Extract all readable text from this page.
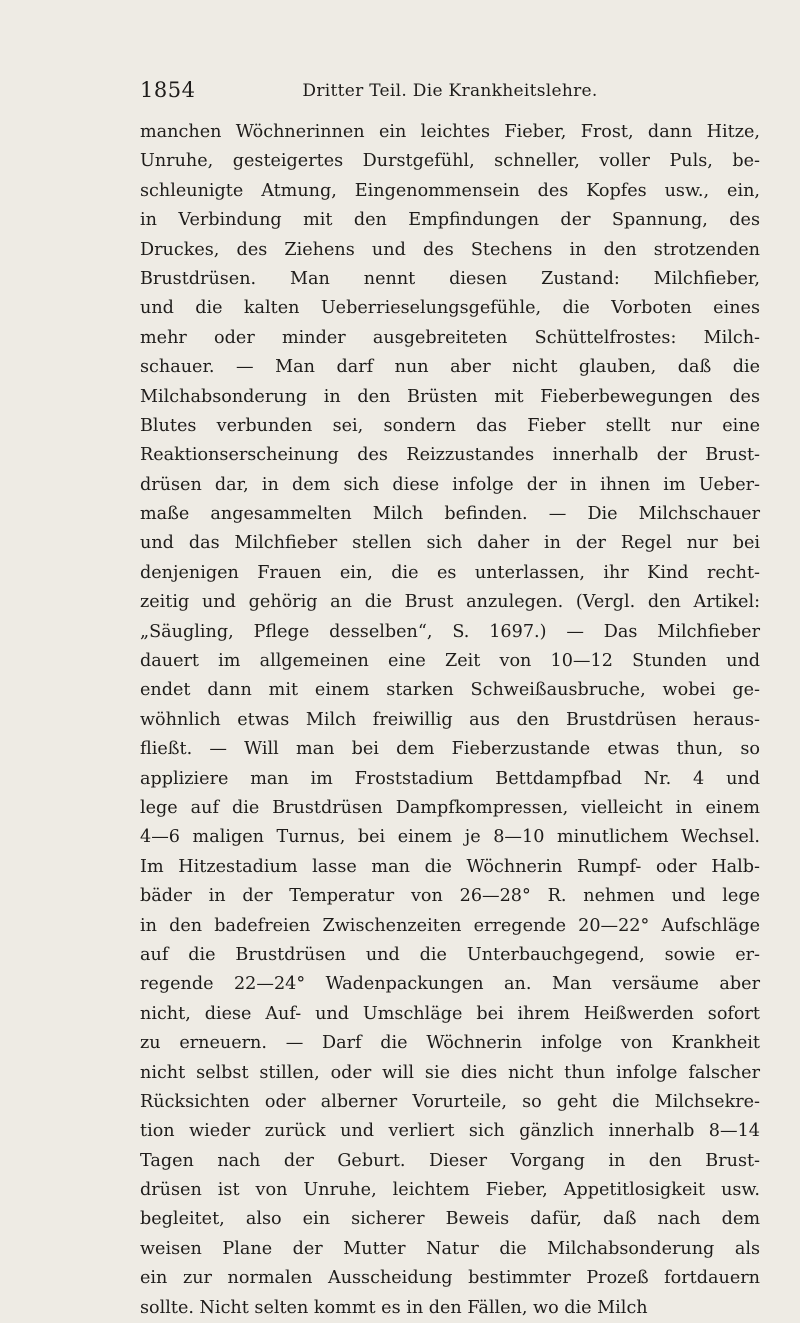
1854	Dritter Teil. Die Krankheitslehre.
manchen Wöchnerinnen ein leichtes Fieber, Frost, dann Hitze,
Unruhe, gesteigertes Durstgefühl, schneller, voller Puls, be-
schleunigte Atmung, Eingenommensein des Kopfes usw., ein,
in Verbindung mit den Empfindungen der Spannung, des
Druckes, des Ziehens und des Stechens in den strotzenden
Brustdrüsen. Man nennt diesen Zustand: Milchfieber,
und die kalten Ueberrieselungsgefühle, die Vorboten eines
mehr oder minder ausgebreiteten Schüttelfrostes: Milch-
schauer. — Man darf nun aber nicht glauben, daß die
Milchabsonderung in den Brüsten mit Fieberbewegungen des
Blutes verbunden sei, sondern das Fieber stellt nur eine
Reaktionserscheinung des Reizzustandes innerhalb der Brust-
drüsen dar, in dem sich diese infolge der in ihnen im Ueber-
maße angesammelten Milch befinden. — Die Milchschauer
und das Milchfieber stellen sich daher in der Regel nur bei
denjenigen Frauen ein, die es unterlassen, ihr Kind recht-
zeitig und gehörig an die Brust anzulegen. (Vergl. den Artikel:
„Säugling, Pflege desselben“, S. 1697.) — Das Milchfieber
dauert im allgemeinen eine Zeit von 10—12 Stunden und
endet dann mit einem starken Schweißausbruche, wobei ge-
wöhnlich etwas Milch freiwillig aus den Brustdrüsen heraus-
fließt. — Will man bei dem Fieberzustande etwas thun, so
appliziere man im Froststadium Bettdampfbad Nr. 4 und
lege auf die Brustdrüsen Dampfkompressen, vielleicht in einem
4—6 maligen Turnus, bei einem je 8—10 minutlichem Wechsel.
Im Hitzestadium lasse man die Wöchnerin Rumpf- oder Halb-
bäder in der Temperatur von 26—28° R. nehmen und lege
in den badefreien Zwischenzeiten erregende 20—22° Aufschläge
auf die Brustdrüsen und die Unterbauchgegend, sowie er-
regende 22—24° Wadenpackungen an. Man versäume aber
nicht, diese Auf- und Umschläge bei ihrem Heißwerden sofort
zu erneuern. — Darf die Wöchnerin infolge von Krankheit
nicht selbst stillen, oder will sie dies nicht thun infolge falscher
Rücksichten oder alberner Vorurteile, so geht die Milchsekre-
tion wieder zurück und verliert sich gänzlich innerhalb 8—14
Tagen nach der Geburt. Dieser Vorgang in den Brust-
drüsen ist von Unruhe, leichtem Fieber, Appetitlosigkeit usw.
begleitet, also ein sicherer Beweis dafür, daß nach dem
weisen Plane der Mutter Natur die Milchabsonderung als
ein zur normalen Ausscheidung bestimmter Prozeß fortdauern
sollte. Nicht selten kommt es in den Fällen, wo die Milch
